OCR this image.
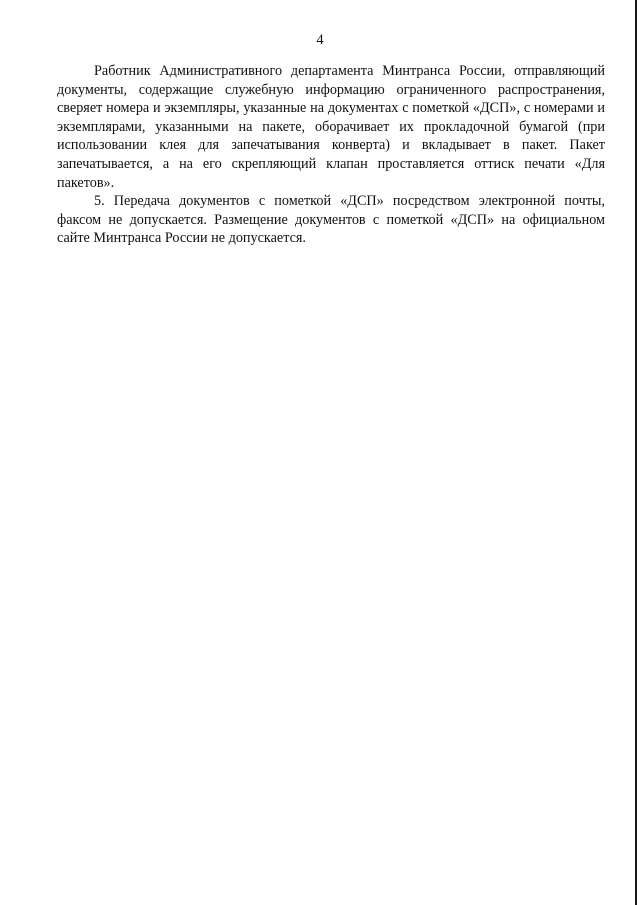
4

Работник Административного департамента Минтранса России, отправляющий документы, содержащие служебную информацию ограниченного распространения, сверяет номера и экземпляры, указанные на документах с пометкой «ДСП», с номерами и экземплярами, указанными на пакете, оборачивает их прокладочной бумагой (при использовании клея для запечатывания конверта) и вкладывает в пакет. Пакет запечатывается, а на его скрепляющий клапан проставляется оттиск печати «Для пакетов».

5. Передача документов с пометкой «ДСП» посредством электронной почты, факсом не допускается. Размещение документов с пометкой «ДСП» на официальном сайте Минтранса России не допускается.
